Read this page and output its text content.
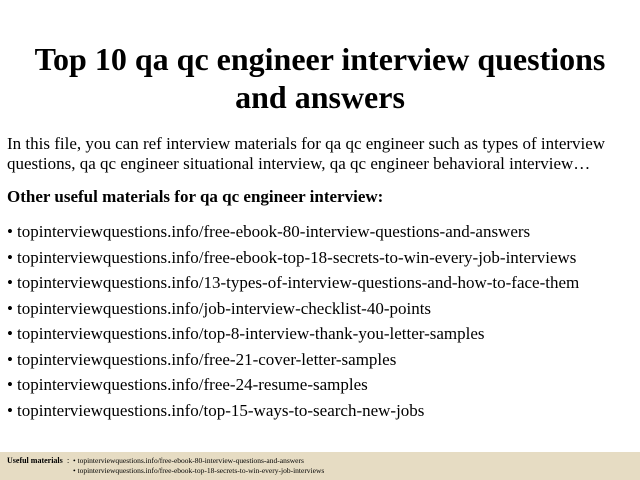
Top 10 qa qc engineer interview questions and answers

In this file, you can ref interview materials for qa qc engineer such as types of interview questions, qa qc engineer situational interview, qa qc engineer behavioral interview…

Other useful materials for qa qc engineer interview:

• topinterviewquestions.info/free-ebook-80-interview-questions-and-answers
• topinterviewquestions.info/free-ebook-top-18-secrets-to-win-every-job-interviews
• topinterviewquestions.info/13-types-of-interview-questions-and-how-to-face-them
• topinterviewquestions.info/job-interview-checklist-40-points
• topinterviewquestions.info/top-8-interview-thank-you-letter-samples
• topinterviewquestions.info/free-21-cover-letter-samples
• topinterviewquestions.info/free-24-resume-samples
• topinterviewquestions.info/top-15-ways-to-search-new-jobs
Useful materials : • topinterviewquestions.info/free-ebook-80-interview-questions-and-answers
• topinterviewquestions.info/free-ebook-top-18-secrets-to-win-every-job-interviews
